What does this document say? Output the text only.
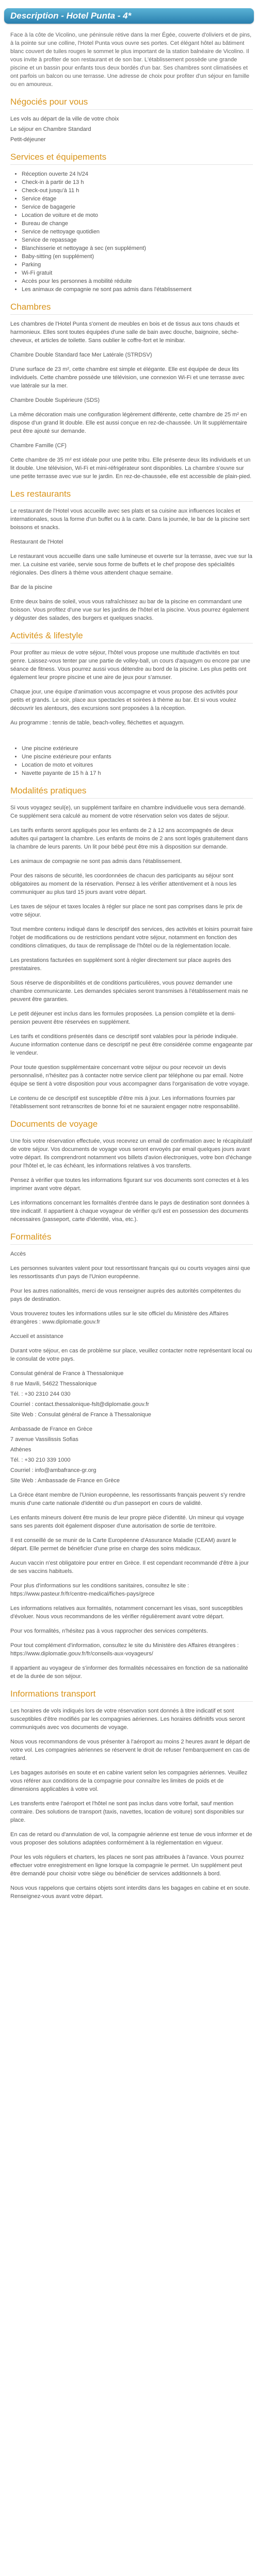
Description - Hotel Punta - 4*

Face à la côte de Vicolino, une péninsule rétive dans la mer Égée, couverte d'oliviers et de pins, à la pointe sur une colline, l'Hotel Punta vous ouvre ses portes. Cet élégant hôtel au bâtiment blanc couvert de tuiles rouges le sommet le plus important de la station balnéaire de Vicolino. Il vous invite à profiter de son restaurant et de son bar. L'établissement possède une grande piscine et un bassin pour enfants tous deux bordés d'un bar. Ses chambres sont climatisées et ont parfois un balcon ou une terrasse. Une adresse de choix pour profiter d'un séjour en famille ou en amoureux.

Négociés pour vous

Les vols au départ de la ville de votre choix

Le séjour en Chambre Standard

Petit-déjeuner

Services et équipements
• Réception ouverte 24 h/24
• Check-in à partir de 13 h
• Check-out jusqu'à 11 h
• Service étage
• Service de bagagerie
• Location de voiture et de moto
• Bureau de change
• Service de nettoyage quotidien
• Service de repassage
• Blanchisserie et nettoyage à sec (en supplément)
• Baby-sitting (en supplément)
• Parking
• Wi-Fi gratuit
• Accès pour les personnes à mobilité réduite
• Les animaux de compagnie ne sont pas admis dans l'établissement
Chambres

Les chambres de l'Hotel Punta s'ornent de meubles en bois et de tissus aux tons chauds et harmonieux. Elles sont toutes équipées d'une salle de bain avec douche, baignoire, sèche-cheveux, et articles de toilette. Sans oublier le coffre-fort et le minibar.

Chambre Double Standard face Mer Latérale (STRDSV)

D'une surface de 23 m², cette chambre est simple et élégante. Elle est équipée de deux lits individuels. Cette chambre possède une télévision, une connexion Wi-Fi et une terrasse avec vue latérale sur la mer.

Chambre Double Supérieure (SDS)

La même décoration mais une configuration légèrement différente, cette chambre de 25 m² en dispose d'un grand lit double. Elle est aussi conçue en rez-de-chaussée. Un lit supplémentaire peut être ajouté sur demande.

Chambre Famille (CF)

Cette chambre de 35 m² est idéale pour une petite tribu. Elle présente deux lits individuels et un lit double. Une télévision, Wi-Fi et mini-réfrigérateur sont disponibles. La chambre s'ouvre sur une petite terrasse avec vue sur le jardin. En rez-de-chaussée, elle est accessible de plain-pied.

Les restaurants

Le restaurant de l'Hotel vous accueille avec ses plats et sa cuisine aux influences locales et internationales, sous la forme d'un buffet ou à la carte. Dans la journée, le bar de la piscine sert boissons et snacks.

Restaurant de l'Hotel

Le restaurant vous accueille dans une salle lumineuse et ouverte sur la terrasse, avec vue sur la mer. La cuisine est variée, servie sous forme de buffets et le chef propose des spécialités régionales. Des dîners à thème vous attendent chaque semaine.

Bar de la piscine

Entre deux bains de soleil, vous vous rafraîchissez au bar de la piscine en commandant une boisson. Vous profitez d'une vue sur les jardins de l'hôtel et la piscine. Vous pourrez également y déguster des salades, des burgers et quelques snacks.

Activités & lifestyle

Pour profiter au mieux de votre séjour, l'hôtel vous propose une multitude d'activités en tout genre. Laissez-vous tenter par une partie de volley-ball, un cours d'aquagym ou encore par une séance de fitness. Vous pourrez aussi vous détendre au bord de la piscine. Les plus petits ont également leur propre piscine et une aire de jeux pour s'amuser.

Chaque jour, une équipe d'animation vous accompagne et vous propose des activités pour petits et grands. Le soir, place aux spectacles et soirées à thème au bar. Et si vous voulez découvrir les alentours, des excursions sont proposées à la réception.

Au programme : tennis de table, beach-volley, fléchettes et aquagym.

• Une piscine extérieure
• Une piscine extérieure pour enfants
• Location de moto et voitures
• Navette payante de 15 h à 17 h
Modalités pratiques

Si vous voyagez seul(e), un supplément tarifaire en chambre individuelle vous sera demandé. Ce supplément sera calculé au moment de votre réservation selon vos dates de séjour.

Les tarifs enfants seront appliqués pour les enfants de 2 à 12 ans accompagnés de deux adultes qui partagent la chambre. Les enfants de moins de 2 ans sont logés gratuitement dans la chambre de leurs parents. Un lit pour bébé peut être mis à disposition sur demande.

Les animaux de compagnie ne sont pas admis dans l'établissement.

Pour des raisons de sécurité, les coordonnées de chacun des participants au séjour sont obligatoires au moment de la réservation. Pensez à les vérifier attentivement et à nous les communiquer au plus tard 15 jours avant votre départ.

Les taxes de séjour et taxes locales à régler sur place ne sont pas comprises dans le prix de votre séjour.

Tout membre contenu indiqué dans le descriptif des services, des activités et loisirs pourrait faire l'objet de modifications ou de restrictions pendant votre séjour, notamment en fonction des conditions climatiques, du taux de remplissage de l'hôtel ou de la réglementation locale.

Les prestations facturées en supplément sont à régler directement sur place auprès des prestataires.

Sous réserve de disponibilités et de conditions particulières, vous pouvez demander une chambre communicante. Les demandes spéciales seront transmises à l'établissement mais ne peuvent être garanties.

Le petit déjeuner est inclus dans les formules proposées. La pension complète et la demi-pension peuvent être réservées en supplément.

Les tarifs et conditions présentés dans ce descriptif sont valables pour la période indiquée. Aucune information contenue dans ce descriptif ne peut être considérée comme engageante par le vendeur.

Pour toute question supplémentaire concernant votre séjour ou pour recevoir un devis personnalisé, n'hésitez pas à contacter notre service client par téléphone ou par email. Notre équipe se tient à votre disposition pour vous accompagner dans l'organisation de votre voyage.

Le contenu de ce descriptif est susceptible d'être mis à jour. Les informations fournies par l'établissement sont retranscrites de bonne foi et ne sauraient engager notre responsabilité.

Documents de voyage

Une fois votre réservation effectuée, vous recevrez un email de confirmation avec le récapitulatif de votre séjour. Vos documents de voyage vous seront envoyés par email quelques jours avant votre départ. Ils comprendront notamment vos billets d'avion électroniques, votre bon d'échange pour l'hôtel et, le cas échéant, les informations relatives à vos transferts.

Pensez à vérifier que toutes les informations figurant sur vos documents sont correctes et à les imprimer avant votre départ.

Les informations concernant les formalités d'entrée dans le pays de destination sont données à titre indicatif. Il appartient à chaque voyageur de vérifier qu'il est en possession des documents nécessaires (passeport, carte d'identité, visa, etc.).

Formalités

Accès

Les personnes suivantes valent pour tout ressortissant français qui ou courts voyages ainsi que les ressortissants d'un pays de l'Union européenne.

Pour les autres nationalités, merci de vous renseigner auprès des autorités compétentes du pays de destination.

Vous trouverez toutes les informations utiles sur le site officiel du Ministère des Affaires étrangères : www.diplomatie.gouv.fr

Accueil et assistance

Durant votre séjour, en cas de problème sur place, veuillez contacter notre représentant local ou le consulat de votre pays.

Consulat général de France à Thessalonique

8 rue Mavili, 54622 Thessalonique

Tél. : +30 2310 244 030

Courriel : contact.thessalonique-fslt@diplomatie.gouv.fr

Site Web : Consulat général de France à Thessalonique

Ambassade de France en Grèce

7 avenue Vassilissis Sofias

Athènes

Tél. : +30 210 339 1000

Courriel : info@ambafrance-gr.org

Site Web : Ambassade de France en Grèce

La Grèce étant membre de l'Union européenne, les ressortissants français peuvent s'y rendre munis d'une carte nationale d'identité ou d'un passeport en cours de validité.

Les enfants mineurs doivent être munis de leur propre pièce d'identité. Un mineur qui voyage sans ses parents doit également disposer d'une autorisation de sortie de territoire.

Il est conseillé de se munir de la Carte Européenne d'Assurance Maladie (CEAM) avant le départ. Elle permet de bénéficier d'une prise en charge des soins médicaux.

Aucun vaccin n'est obligatoire pour entrer en Grèce. Il est cependant recommandé d'être à jour de ses vaccins habituels.

Pour plus d'informations sur les conditions sanitaires, consultez le site : https://www.pasteur.fr/fr/centre-medical/fiches-pays/grece

Les informations relatives aux formalités, notamment concernant les visas, sont susceptibles d'évoluer. Nous vous recommandons de les vérifier régulièrement avant votre départ.

Pour vos formalités, n'hésitez pas à vous rapprocher des services compétents.

Pour tout complément d'information, consultez le site du Ministère des Affaires étrangères : https://www.diplomatie.gouv.fr/fr/conseils-aux-voyageurs/

Il appartient au voyageur de s'informer des formalités nécessaires en fonction de sa nationalité et de la durée de son séjour.

Informations transport

Les horaires de vols indiqués lors de votre réservation sont donnés à titre indicatif et sont susceptibles d'être modifiés par les compagnies aériennes. Les horaires définitifs vous seront communiqués avec vos documents de voyage.

Nous vous recommandons de vous présenter à l'aéroport au moins 2 heures avant le départ de votre vol. Les compagnies aériennes se réservent le droit de refuser l'embarquement en cas de retard.

Les bagages autorisés en soute et en cabine varient selon les compagnies aériennes. Veuillez vous référer aux conditions de la compagnie pour connaître les limites de poids et de dimensions applicables à votre vol.

Les transferts entre l'aéroport et l'hôtel ne sont pas inclus dans votre forfait, sauf mention contraire. Des solutions de transport (taxis, navettes, location de voiture) sont disponibles sur place.

En cas de retard ou d'annulation de vol, la compagnie aérienne est tenue de vous informer et de vous proposer des solutions adaptées conformément à la réglementation en vigueur.

Pour les vols réguliers et charters, les places ne sont pas attribuées à l'avance. Vous pourrez effectuer votre enregistrement en ligne lorsque la compagnie le permet. Un supplément peut être demandé pour choisir votre siège ou bénéficier de services additionnels à bord.

Nous vous rappelons que certains objets sont interdits dans les bagages en cabine et en soute. Renseignez-vous avant votre départ.
